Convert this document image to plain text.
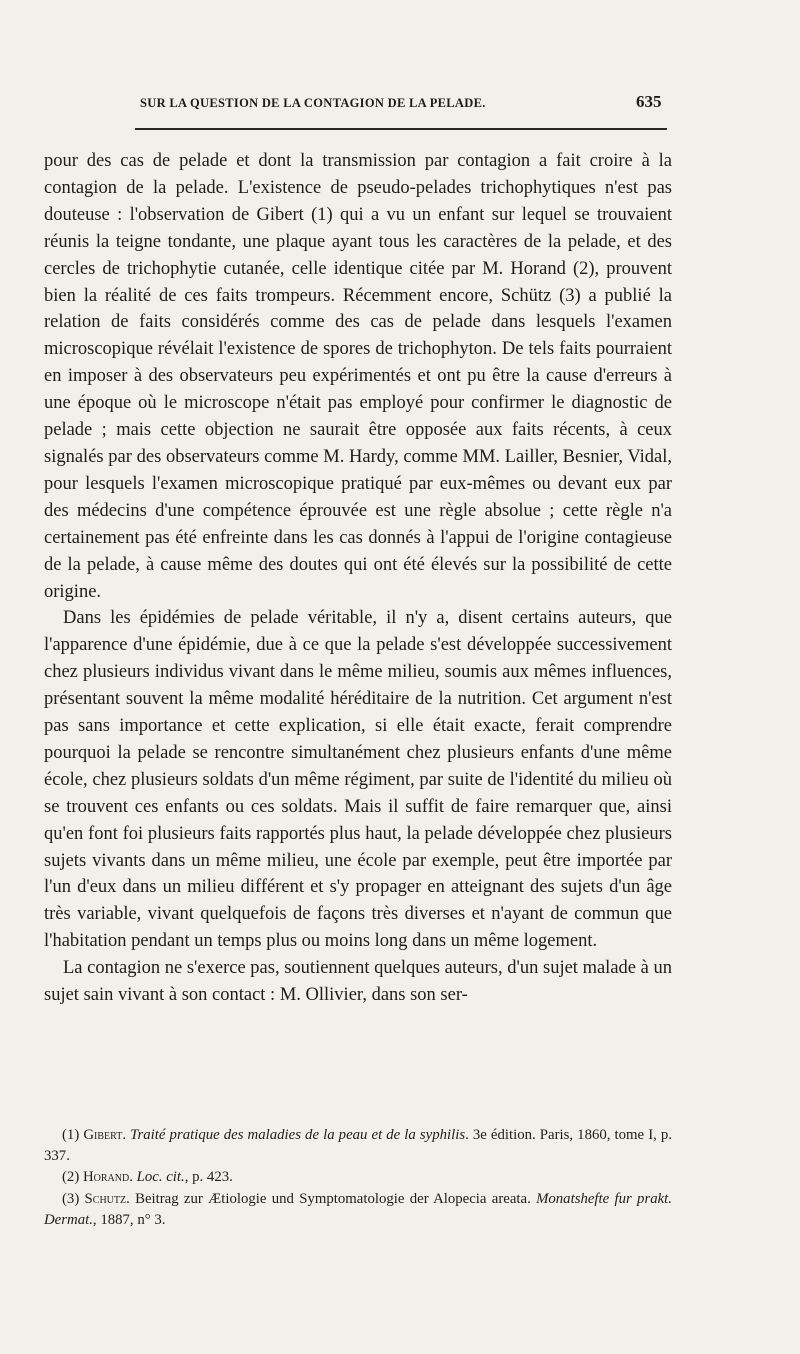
SUR LA QUESTION DE LA CONTAGION DE LA PELADE.	635

pour des cas de pelade et dont la transmission par contagion a fait croire à la contagion de la pelade. L'existence de pseudo-pelades trichophytiques n'est pas douteuse : l'observation de Gibert (1) qui a vu un enfant sur lequel se trouvaient réunis la teigne tondante, une plaque ayant tous les caractères de la pelade, et des cercles de trichophytie cutanée, celle identique citée par M. Horand (2), prouvent bien la réalité de ces faits trompeurs. Récemment encore, Schütz (3) a publié la relation de faits considérés comme des cas de pelade dans lesquels l'examen microscopique révélait l'existence de spores de trichophyton. De tels faits pourraient en imposer à des observateurs peu expérimentés et ont pu être la cause d'erreurs à une époque où le microscope n'était pas employé pour confirmer le diagnostic de pelade ; mais cette objection ne saurait être opposée aux faits récents, à ceux signalés par des observateurs comme M. Hardy, comme MM. Lailler, Besnier, Vidal, pour lesquels l'examen microscopique pratiqué par eux-mêmes ou devant eux par des médecins d'une compétence éprouvée est une règle absolue ; cette règle n'a certainement pas été enfreinte dans les cas donnés à l'appui de l'origine contagieuse de la pelade, à cause même des doutes qui ont été élevés sur la possibilité de cette origine.

Dans les épidémies de pelade véritable, il n'y a, disent certains auteurs, que l'apparence d'une épidémie, due à ce que la pelade s'est développée successivement chez plusieurs individus vivant dans le même milieu, soumis aux mêmes influences, présentant souvent la même modalité héréditaire de la nutrition. Cet argument n'est pas sans importance et cette explication, si elle était exacte, ferait comprendre pourquoi la pelade se rencontre simultanément chez plusieurs enfants d'une même école, chez plusieurs soldats d'un même régiment, par suite de l'identité du milieu où se trouvent ces enfants ou ces soldats. Mais il suffit de faire remarquer que, ainsi qu'en font foi plusieurs faits rapportés plus haut, la pelade développée chez plusieurs sujets vivants dans un même milieu, une école par exemple, peut être importée par l'un d'eux dans un milieu différent et s'y propager en atteignant des sujets d'un âge très variable, vivant quelquefois de façons très diverses et n'ayant de commun que l'habitation pendant un temps plus ou moins long dans un même logement.

La contagion ne s'exerce pas, soutiennent quelques auteurs, d'un sujet malade à un sujet sain vivant à son contact : M. Ollivier, dans son ser-

(1) Gibert. Traité pratique des maladies de la peau et de la syphilis. 3e édition. Paris, 1860, tome I, p. 337.

(2) Horand. Loc. cit., p. 423.

(3) Schutz. Beitrag zur Ætiologie und Symptomatologie der Alopecia areata. Monatshefte fur prakt. Dermat., 1887, n° 3.
